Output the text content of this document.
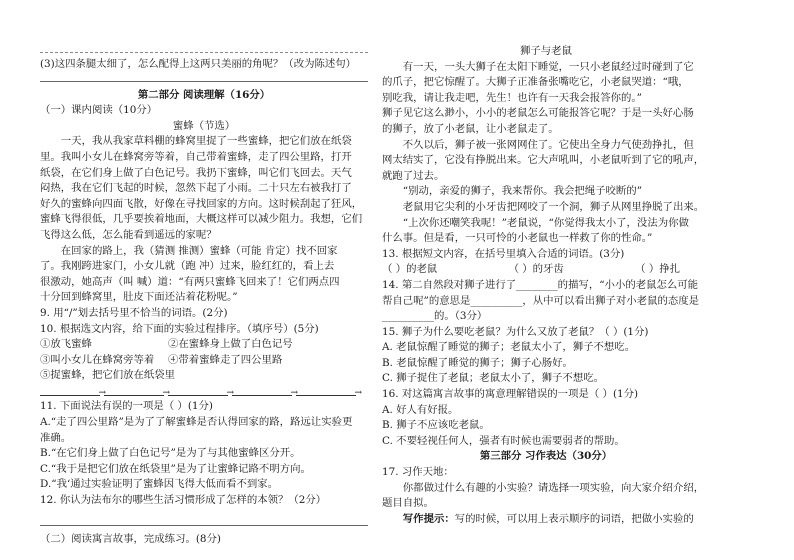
(3)这四条腿太细了，怎么配得上这两只美丽的角呢？（改为陈述句）
第二部分 阅读理解（16分）
（一）课内阅读（10分）
蜜蜂（节选）
一天，我从我家草料棚的蜂窝里捉了一些蜜蜂，把它们放在纸袋
里。我叫小女儿在蜂窝旁等着，自己带着蜜蜂，走了四公里路，打开
纸袋，在它们身上做了白色记号。我扔下蜜蜂，叫它们飞回去。天气
闷热，我在它们飞起的时候，忽然下起了小雨。二十只左右被我打了
好久的蜜蜂向四面飞散，好像在寻找回家的方向。这时候刮起了狂风，
蜜蜂飞得很低，几乎要挨着地面，大概这样可以减少阻力。我想，它们
飞得这么低，怎么能看到遥远的家呢？
在回家的路上，我（猜测 推测）蜜蜂（可能 肯定）找不回家
了。我刚跨进家门，小女儿就（跑 冲）过来，脸红红的，看上去
很激动，她高声（叫 喊）道：“有两只蜜蜂飞回来了！它们两点四
十分回到蜂窝里，肚皮下面还沾着花粉呢。”
9. 用“/”划去括号里不恰当的词语。(2分)
10. 根据选文内容，给下面的实验过程排序。（填序号）(5分)
①放飞蜜蜂	②在蜜蜂身上做了白色记号
③叫小女儿在蜂窝旁等着	④带着蜜蜂走了四公里路
⑤捉蜜蜂，把它们放在纸袋里
→
→
→
→
→
11. 下面说法有误的一项是（ ）(1分)
A.“走了四公里路”是为了了解蜜蜂是否认得回家的路，路远让实验更
准确。
B.“在它们身上做了白色记号”是为了与其他蜜蜂区分开。
C.“我于是把它们放在纸袋里”是为了让蜜蜂记路不明方向。
D.“我‘通过实验证明了蜜蜂因飞得大低而看不到家。
12. 你认为法布尔的哪些生活习惯形成了怎样的本领？（2分）
（二）阅读寓言故事，完成练习。(8分)
狮子与老鼠
有一天，一头大狮子在太阳下睡觉，一只小老鼠经过时碰到了它
的爪子，把它惊醒了。大狮子正准备张嘴吃它，小老鼠哭道：“哦，
别吃我，请让我走吧，先生！也许有一天我会报答你的。”
狮子见它这么渺小，小小的老鼠怎么可能报答它呢？于是一头好心肠
的狮子，放了小老鼠，让小老鼠走了。
不久以后，狮子被一张网网住了。它使出全身力气使劲挣扎，但
网太结实了，它没有挣脱出来。它大声吼叫，小老鼠听到了它的吼声，
就跑了过去。
“别动，亲爱的狮子，我来帮你。我会把绳子咬断的”
老鼠用它尖利的小牙齿把网咬了一个洞，狮子从网里挣脱了出来。
“上次你还嘲笑我呢！”老鼠说，“你觉得我太小了，没法为你做
什么事。但是看，一只可怜的小老鼠也一样救了你的性命。”
13. 根据短文内容，在括号里填入合适的词语。(3分)
（ ）的老鼠	（ ）的牙齿	（ ）挣扎
14. 第二自然段对狮子进行了________的描写，“小小的老鼠怎么可能
帮自己呢”的意思是__________，从中可以看出狮子对小老鼠的态度是
__________的。（3分）
15. 狮子为什么要吃老鼠？为什么又放了老鼠？（ ）(1分)
A. 老鼠惊醒了睡觉的狮子；老鼠太小了，狮子不想吃。
B. 老鼠惊醒了睡觉的狮子；狮子心肠好。
C. 狮子捉住了老鼠；老鼠太小了，狮子不想吃。
16. 对这篇寓言故事的寓意理解错误的一项是（ ）(1分)
A. 好人有好报。
B. 狮子不应该吃老鼠。
C. 不要轻视任何人，强者有时候也需要弱者的帮助。
第三部分 习作表达（30分）
17. 习作天地：
你都做过什么有趣的小实验？请选择一项实验，向大家介绍介绍，
题目自拟。
写作提示：写的时候，可以用上表示顺序的词语，把做小实验的
